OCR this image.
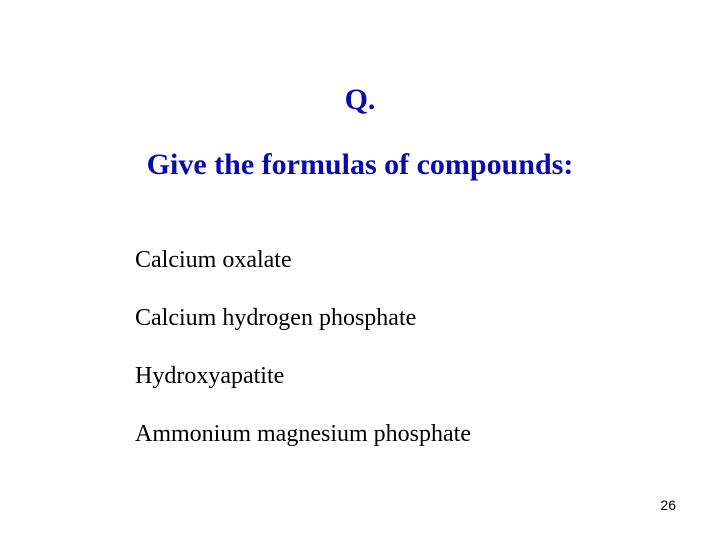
Q.
Give the formulas of compounds:
Calcium oxalate
Calcium hydrogen phosphate
Hydroxyapatite
Ammonium magnesium phosphate
26
